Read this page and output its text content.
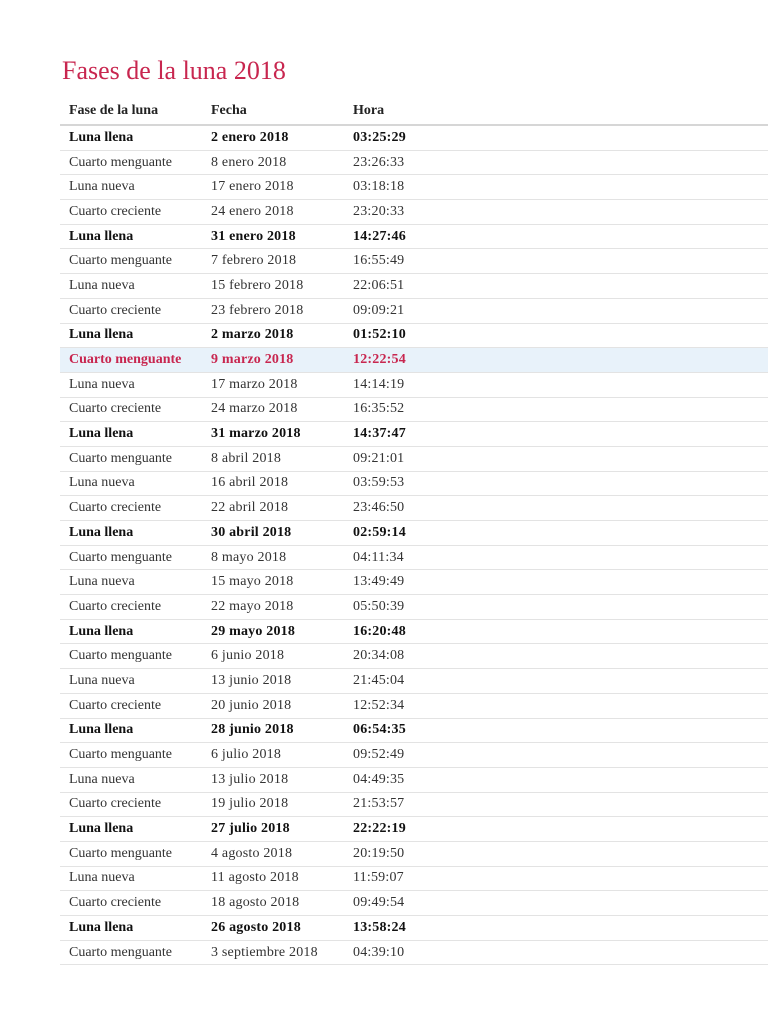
Fases de la luna 2018
Fase de la luna	Fecha	Hora
Luna llena	2 enero 2018	03:25:29
Cuarto menguante	8 enero 2018	23:26:33
Luna nueva	17 enero 2018	03:18:18
Cuarto creciente	24 enero 2018	23:20:33
Luna llena	31 enero 2018	14:27:46
Cuarto menguante	7 febrero 2018	16:55:49
Luna nueva	15 febrero 2018	22:06:51
Cuarto creciente	23 febrero 2018	09:09:21
Luna llena	2 marzo 2018	01:52:10
Cuarto menguante	9 marzo 2018	12:22:54
Luna nueva	17 marzo 2018	14:14:19
Cuarto creciente	24 marzo 2018	16:35:52
Luna llena	31 marzo 2018	14:37:47
Cuarto menguante	8 abril 2018	09:21:01
Luna nueva	16 abril 2018	03:59:53
Cuarto creciente	22 abril 2018	23:46:50
Luna llena	30 abril 2018	02:59:14
Cuarto menguante	8 mayo 2018	04:11:34
Luna nueva	15 mayo 2018	13:49:49
Cuarto creciente	22 mayo 2018	05:50:39
Luna llena	29 mayo 2018	16:20:48
Cuarto menguante	6 junio 2018	20:34:08
Luna nueva	13 junio 2018	21:45:04
Cuarto creciente	20 junio 2018	12:52:34
Luna llena	28 junio 2018	06:54:35
Cuarto menguante	6 julio 2018	09:52:49
Luna nueva	13 julio 2018	04:49:35
Cuarto creciente	19 julio 2018	21:53:57
Luna llena	27 julio 2018	22:22:19
Cuarto menguante	4 agosto 2018	20:19:50
Luna nueva	11 agosto 2018	11:59:07
Cuarto creciente	18 agosto 2018	09:49:54
Luna llena	26 agosto 2018	13:58:24
Cuarto menguante	3 septiembre 2018	04:39:10
